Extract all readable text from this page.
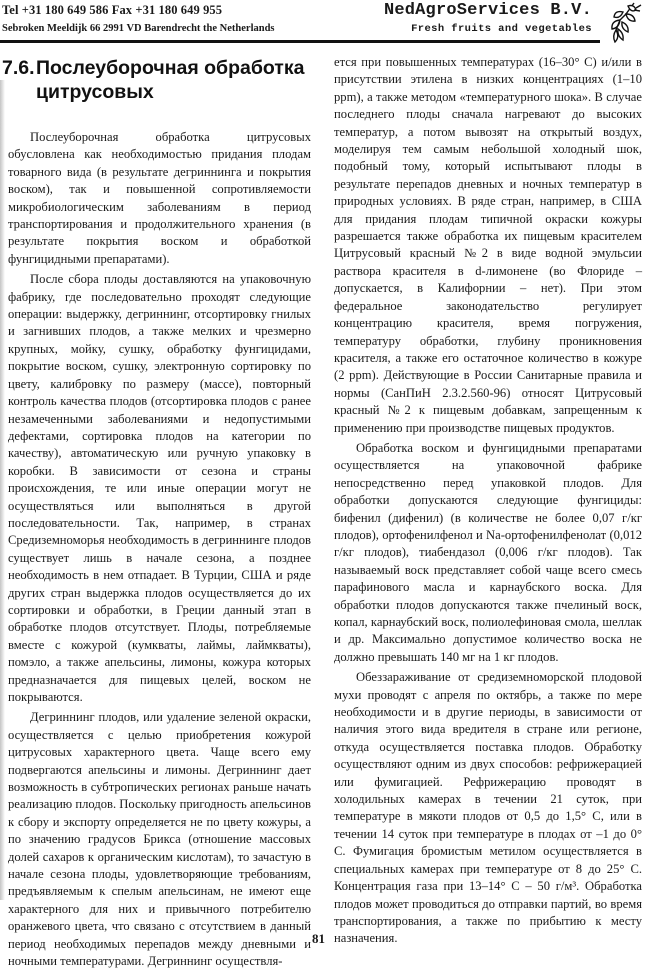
Tel +31 180 649 586 Fax +31 180 649 955
Sebroken Meeldijk 66 2991 VD Barendrecht the Netherlands
NedAgroServices B.V.
Fresh fruits and vegetables
7.6.Послеуборочная обработка
цитрусовых

Послеуборочная обработка цитрусовых обусловлена как необходимостью придания плодам товарного вида (в результате дегриннинга и покрытия воском), так и повышенной сопротивляемости микробиологическим заболеваниям в период транспортирования и продолжительного хранения (в результате покрытия воском и обработкой фунгицидными препаратами).

После сбора плоды доставляются на упаковочную фабрику, где последовательно проходят следующие операции: выдержку, дегриннинг, отсортировку гнилых и загнивших плодов, а также мелких и чрезмерно крупных, мойку, сушку, обработку фунгицидами, покрытие воском, сушку, электронную сортировку по цвету, калибровку по размеру (массе), повторный контроль качества плодов (отсортировка плодов с ранее незамеченными заболеваниями и недопустимыми дефектами, сортировка плодов на категории по качеству), автоматическую или ручную упаковку в коробки. В зависимости от сезона и страны происхождения, те или иные операции могут не осуществляться или выполняться в другой последовательности. Так, например, в странах Средиземноморья необходимость в дегриннинге плодов существует лишь в начале сезона, а позднее необходимость в нем отпадает. В Турции, США и ряде других стран выдержка плодов осуществляется до их сортировки и обработки, в Греции данный этап в обработке плодов отсутствует. Плоды, потребляемые вместе с кожурой (кумкваты, лаймы, лаймкваты), помэло, а также апельсины, лимоны, кожура которых предназначается для пищевых целей, воском не покрываются.

Дегриннинг плодов, или удаление зеленой окраски, осуществляется с целью приобретения кожурой цитрусовых характерного цвета. Чаще всего ему подвергаются апельсины и лимоны. Дегриннинг дает возможность в субтропических регионах раньше начать реализацию плодов. Поскольку пригодность апельсинов к сбору и экспорту определяется не по цвету кожуры, а по значению градусов Брикса (отношение массовых долей сахаров к органическим кислотам), то зачастую в начале сезона плоды, удовлетворяющие требованиям, предъявляемым к спелым апельсинам, не имеют еще характерного для них и привычного потребителю оранжевого цвета, что связано с отсутствием в данный период необходимых перепадов между дневными и ночными температурами. Дегриннинг осуществля-

ется при повышенных температурах (16–30° С) и/или в присутствии этилена в низких концентрациях (1–10 ppm), а также методом «температурного шока». В случае последнего плоды сначала нагревают до высоких температур, а потом вывозят на открытый воздух, моделируя тем самым небольшой холодный шок, подобный тому, который испытывают плоды в результате перепадов дневных и ночных температур в природных условиях. В ряде стран, например, в США для придания плодам типичной окраски кожуры разрешается также обработка их пищевым красителем Цитрусовый красный №2 в виде водной эмульсии раствора красителя в d-лимонене (во Флориде – допускается, в Калифорнии – нет). При этом федеральное законодательство регулирует концентрацию красителя, время погружения, температуру обработки, глубину проникновения красителя, а также его остаточное количество в кожуре (2 ppm). Действующие в России Санитарные правила и нормы (СанПиН 2.3.2.560-96) относят Цитрусовый красный №2 к пищевым добавкам, запрещенным к применению при производстве пищевых продуктов.

Обработка воском и фунгицидными препаратами осуществляется на упаковочной фабрике непосредственно перед упаковкой плодов. Для обработки допускаются следующие фунгициды: бифенил (дифенил) (в количестве не более 0,07 г/кг плодов), ортофенилфенол и Na-ортофенилфенолат (0,012 г/кг плодов), тиабендазол (0,006 г/кг плодов). Так называемый воск представляет собой чаще всего смесь парафинового масла и карнаубского воска. Для обработки плодов допускаются также пчелиный воск, копал, карнаубский воск, полиолефиновая смола, шеллак и др. Максимально допустимое количество воска не должно превышать 140 мг на 1 кг плодов.

Обеззараживание от средиземноморской плодовой мухи проводят с апреля по октябрь, а также по мере необходимости и в другие периоды, в зависимости от наличия этого вида вредителя в стране или регионе, откуда осуществляется поставка плодов. Обработку осуществляют одним из двух способов: рефрижерацией или фумигацией. Рефрижерацию проводят в холодильных камерах в течении 21 суток, при температуре в мякоти плодов от 0,5 до 1,5° С, или в течении 14 суток при температуре в плодах от –1 до 0° С. Фумигация бромистым метилом осуществляется в специальных камерах при температуре от 8 до 25° С. Концентрация газа при 13–14° С – 50 г/м³. Обработка плодов может проводиться до отправки партий, во время транспортирования, а также по прибытию к месту назначения.

81
